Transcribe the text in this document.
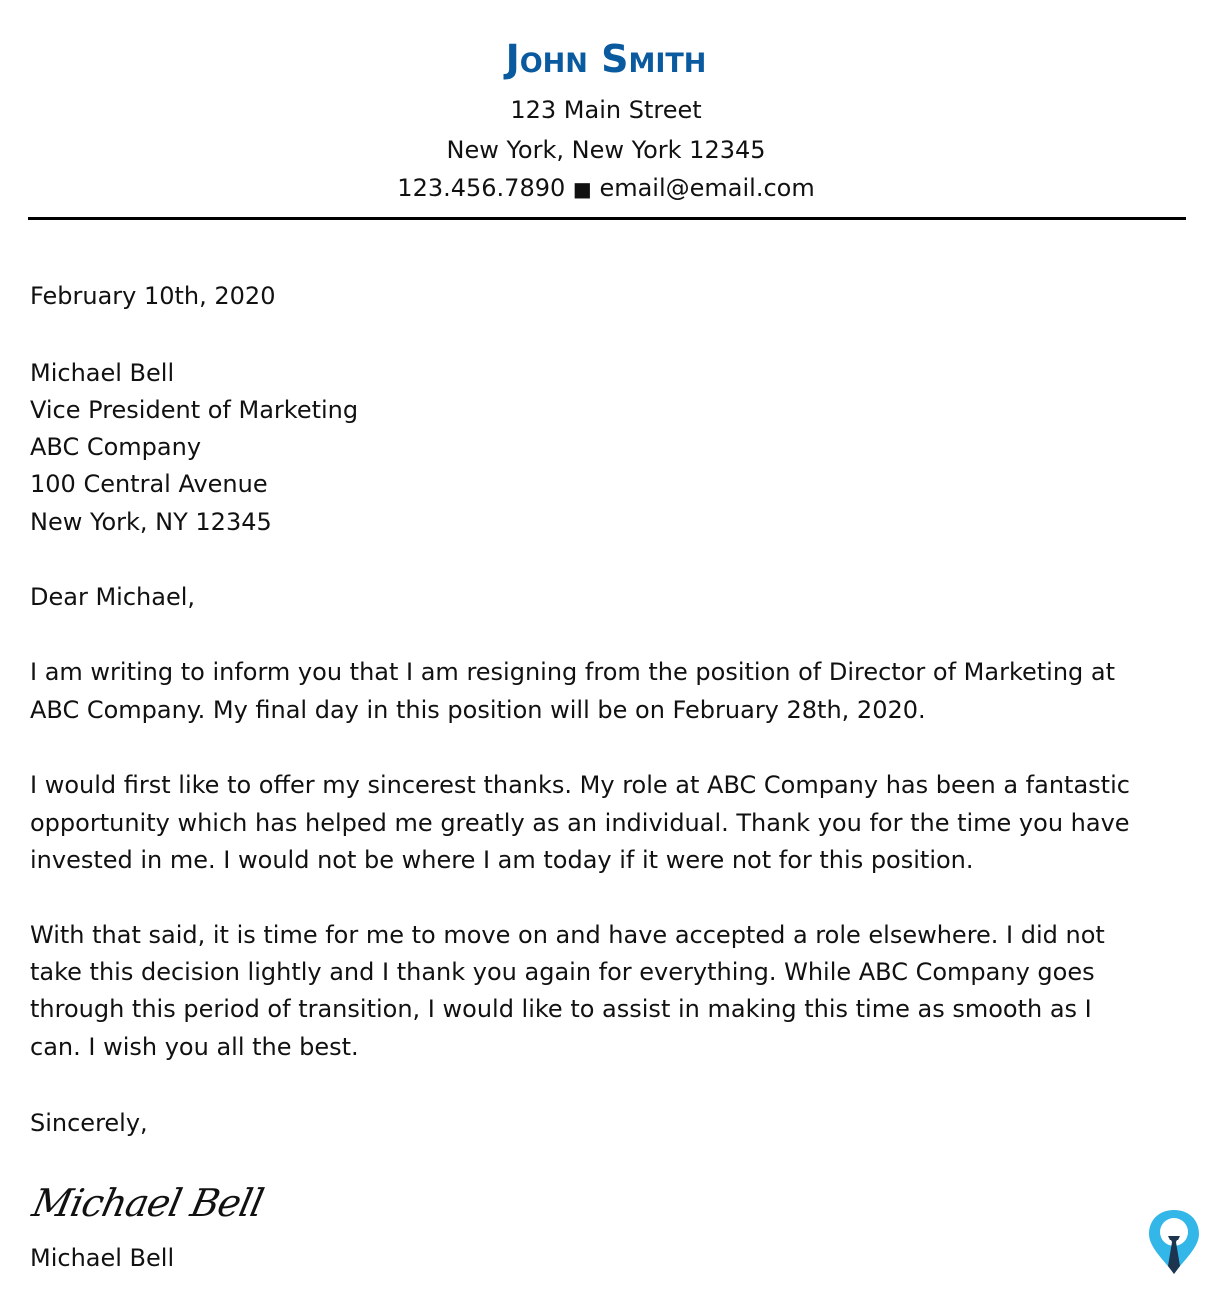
John Smith
123 Main Street
New York, New York 12345
123.456.7890 ■ email@email.com
February 10th, 2020
Michael Bell
Vice President of Marketing
ABC Company
100 Central Avenue
New York, NY 12345
Dear Michael,
I am writing to inform you that I am resigning from the position of Director of Marketing at
ABC Company. My final day in this position will be on February 28th, 2020.
I would first like to offer my sincerest thanks. My role at ABC Company has been a fantastic
opportunity which has helped me greatly as an individual. Thank you for the time you have
invested in me. I would not be where I am today if it were not for this position.
With that said, it is time for me to move on and have accepted a role elsewhere. I did not
take this decision lightly and I thank you again for everything. While ABC Company goes
through this period of transition, I would like to assist in making this time as smooth as I
can. I wish you all the best.
Sincerely,
Michael Bell
Michael Bell
